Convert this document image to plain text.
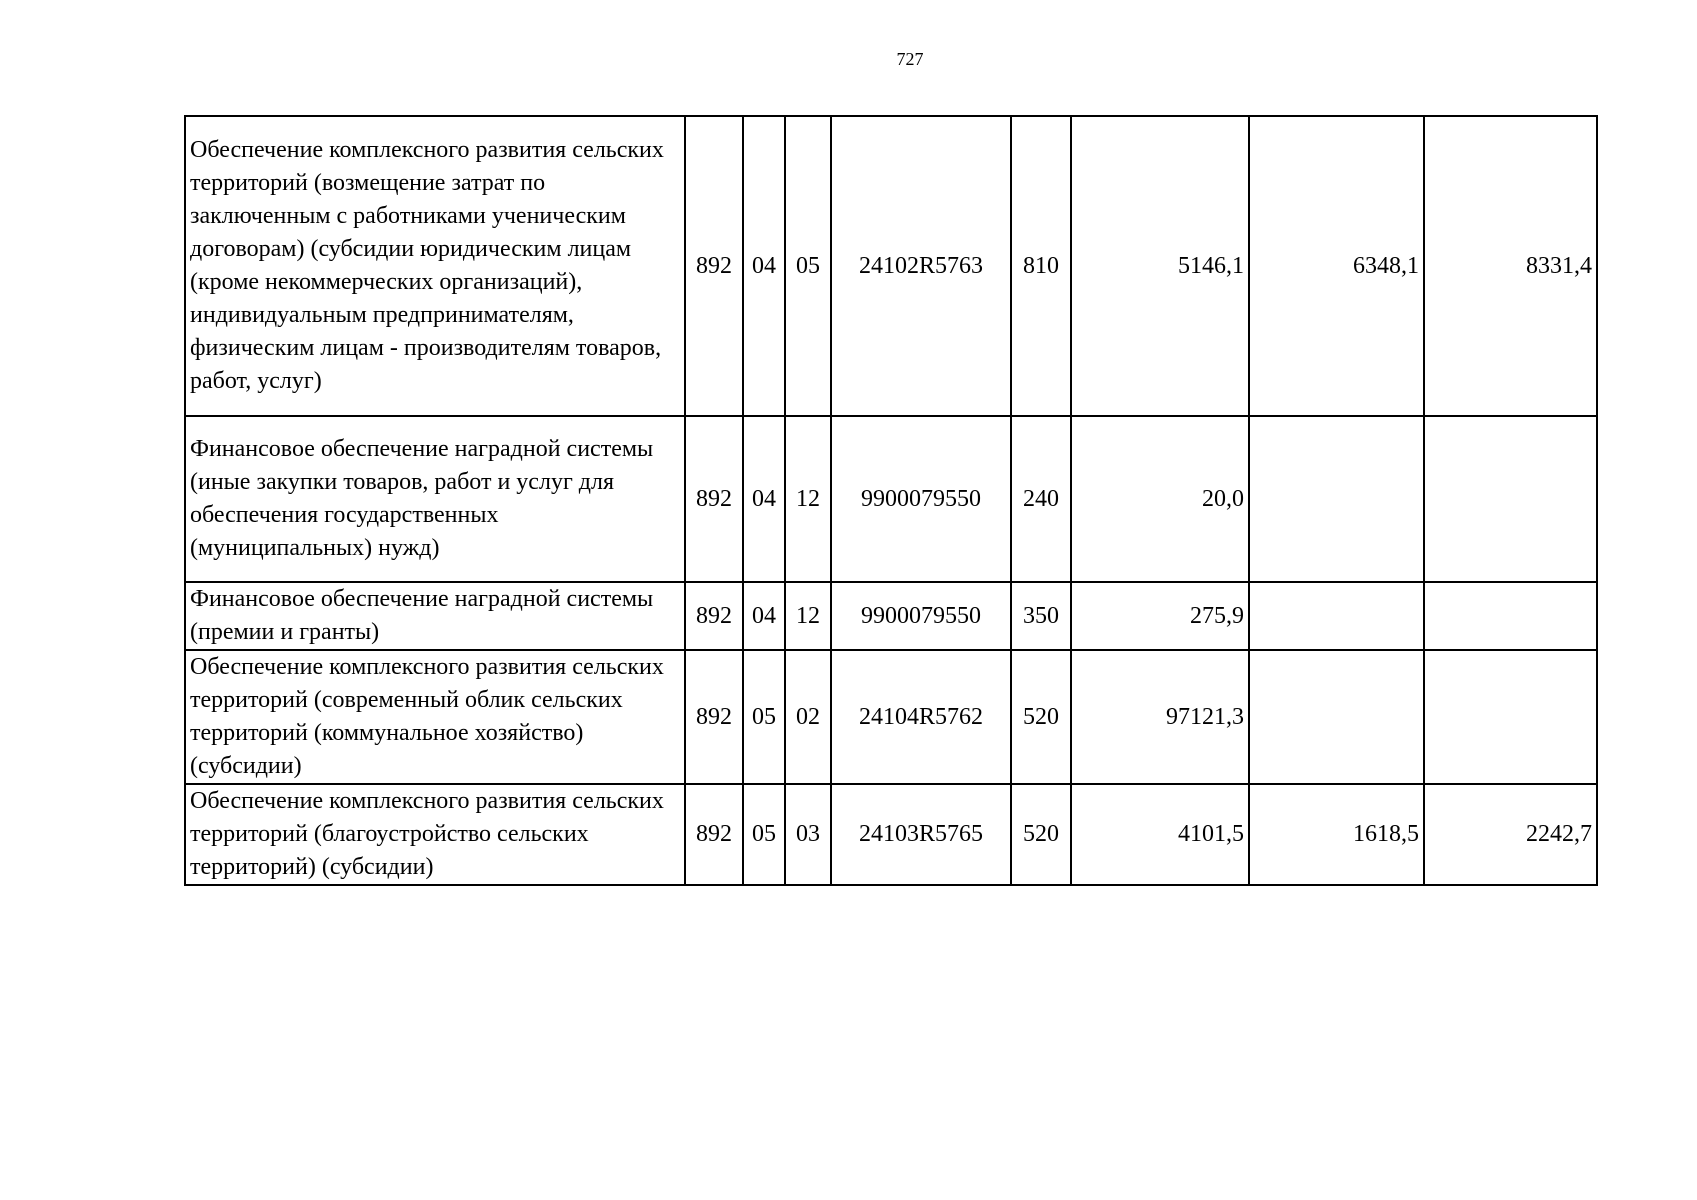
727
Обеспечение комплексного развития сельских территорий (возмещение затрат по заключенным с работниками ученическим договорам) (субсидии юридическим лицам (кроме некоммерческих организаций), индивидуальным предпринимателям, физическим лицам - производителям товаров, работ, услуг)	892	04	05	24102R5763	810	5146,1	6348,1	8331,4
Финансовое обеспечение наградной системы (иные закупки товаров, работ и услуг для обеспечения государственных (муниципальных) нужд)	892	04	12	9900079550	240	20,0		
Финансовое обеспечение наградной системы (премии и гранты)	892	04	12	9900079550	350	275,9		
Обеспечение комплексного развития сельских территорий (современный облик сельских территорий (коммунальное хозяйство) (субсидии)	892	05	02	24104R5762	520	97121,3		
Обеспечение комплексного развития сельских территорий (благоустройство сельских территорий) (субсидии)	892	05	03	24103R5765	520	4101,5	1618,5	2242,7
